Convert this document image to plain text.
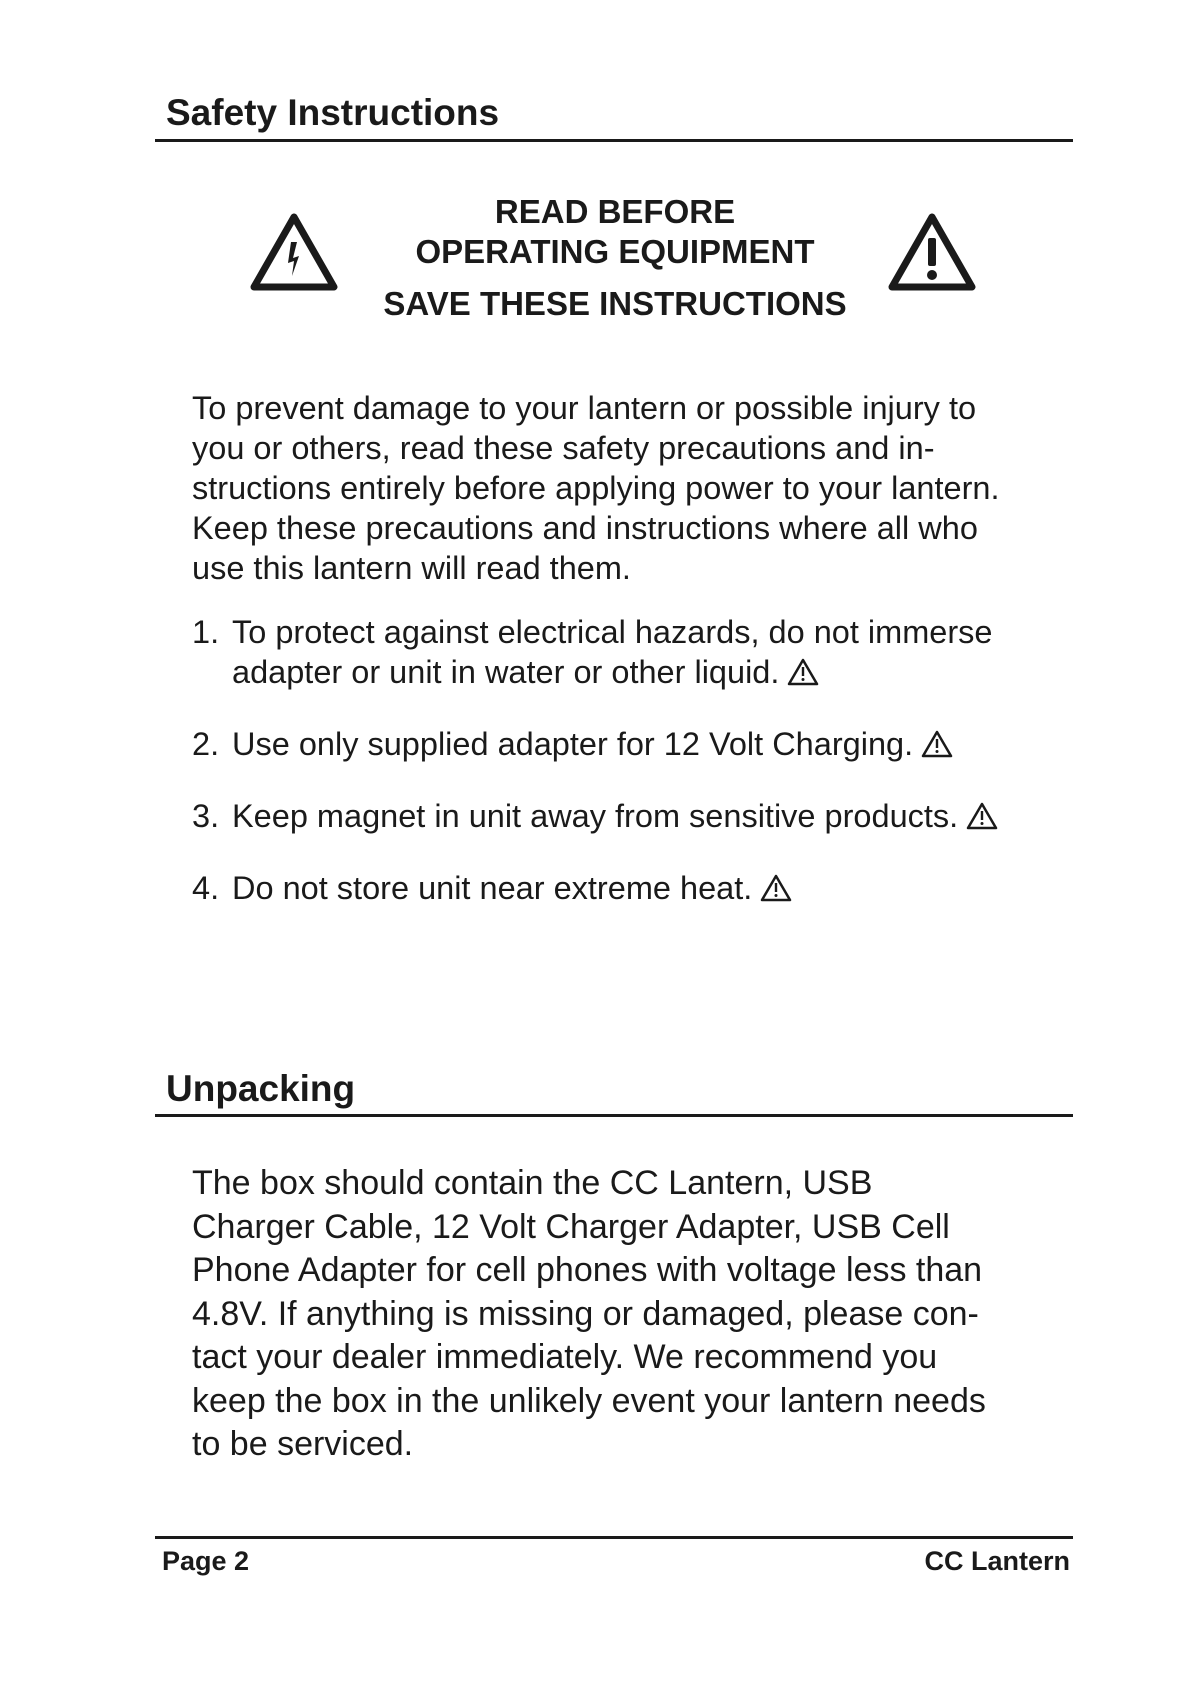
Safety Instructions
READ BEFORE
OPERATING EQUIPMENT
SAVE THESE INSTRUCTIONS

To prevent damage to your lantern or possible injury to
you or others, read these safety precautions and in-
structions entirely before applying power to your lantern.
Keep these precautions and instructions where all who
use this lantern will read them.

1. To protect against electrical hazards, do not immerse
adapter or unit in water or other liquid.
2. Use only supplied adapter for 12 Volt Charging.
3. Keep magnet in unit away from sensitive products.
4. Do not store unit near extreme heat.
Unpacking

The box should contain the CC Lantern, USB
Charger Cable, 12 Volt Charger Adapter, USB Cell
Phone Adapter for cell phones with voltage less than
4.8V. If anything is missing or damaged, please con-
tact your dealer immediately. We recommend you
keep the box in the unlikely event your lantern needs
to be serviced.

Page 2	CC Lantern
